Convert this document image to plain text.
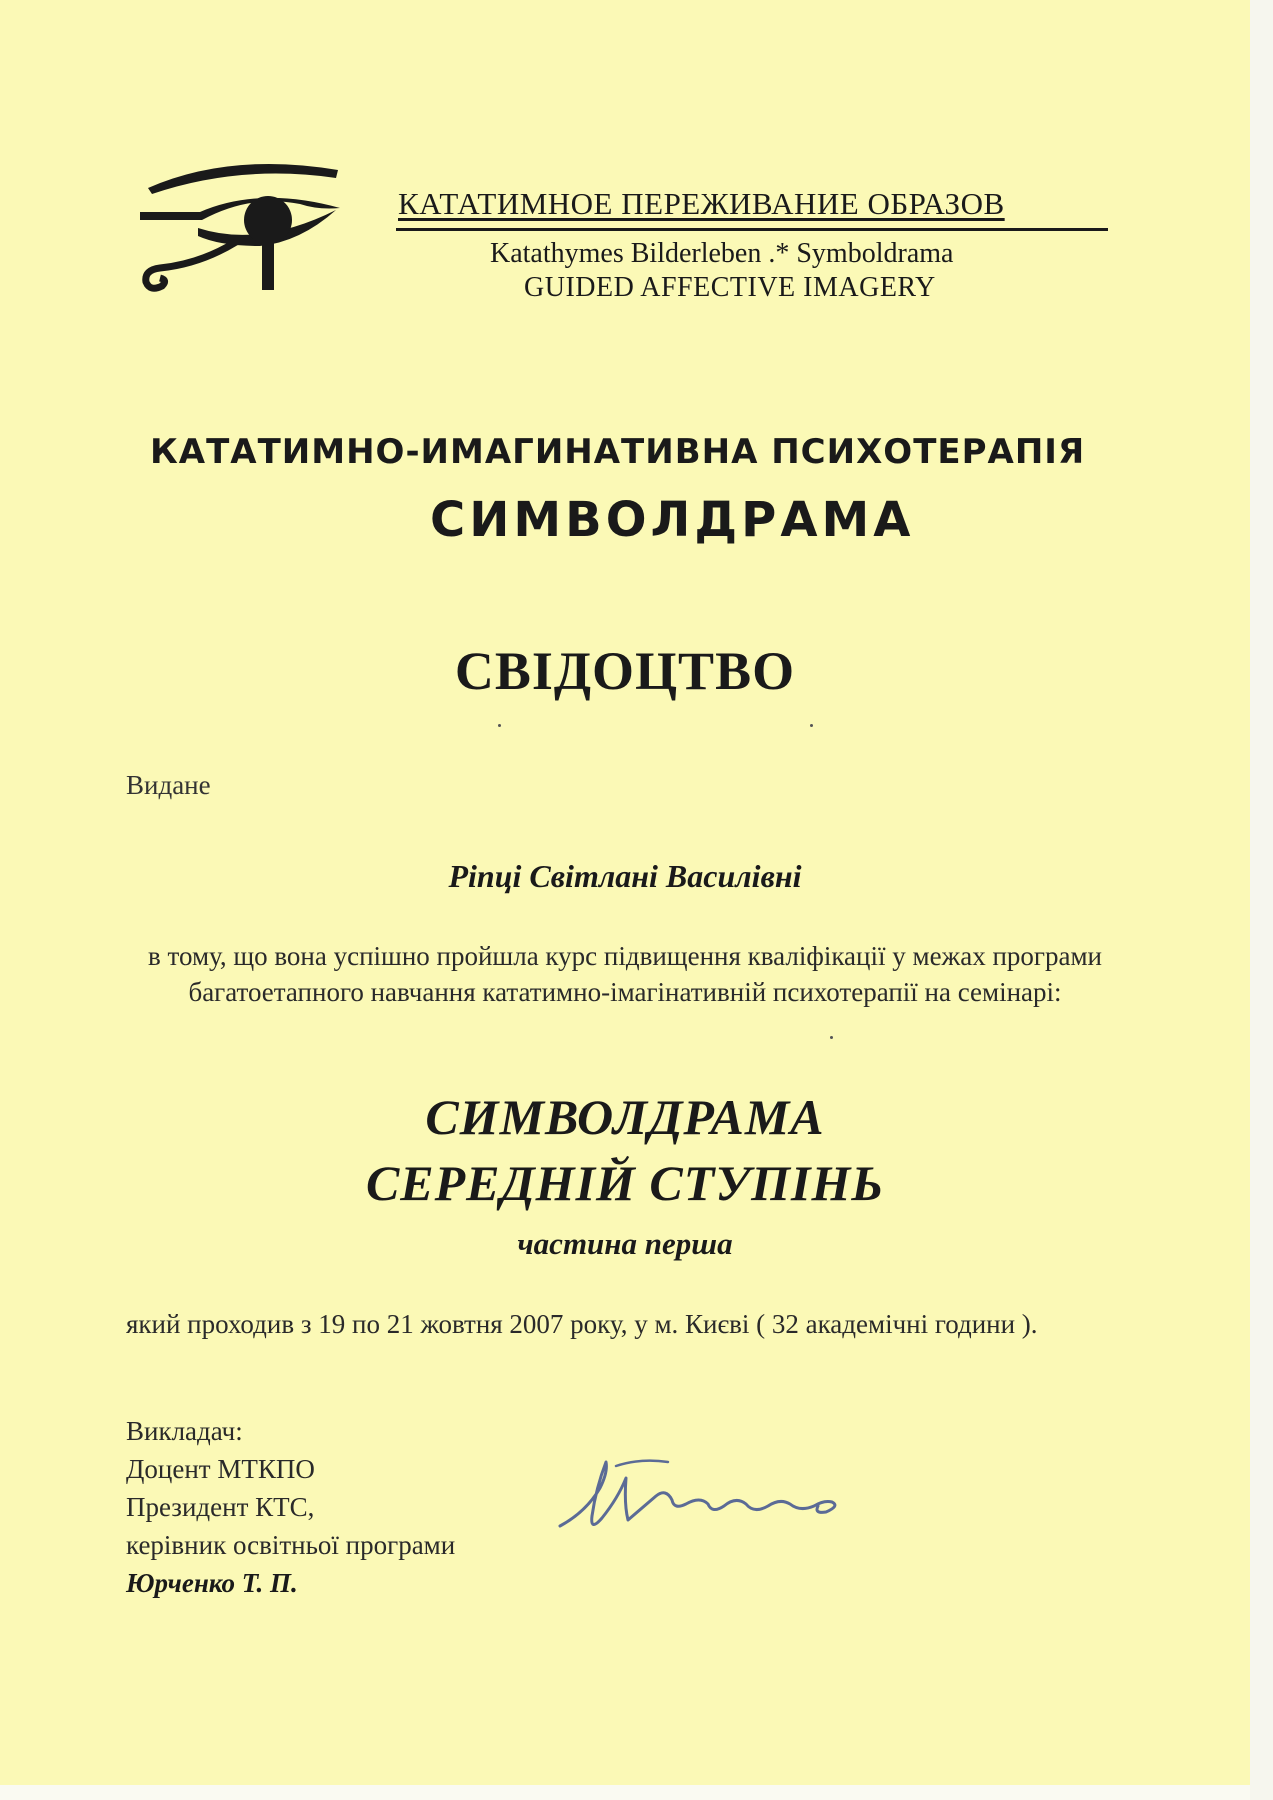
КАТАТИМНОЕ ПЕРЕЖИВАНИЕ ОБРАЗОВ
Katathymes Bilderleben .* Symboldrama
GUIDED AFFECTIVE IMAGERY
КАТАТИМНО-ИМАГИНАТИВНА ПСИХОТЕРАПІЯ
СИМВОЛДРАМА
СВІДОЦТВО
Видане
Ріпці Світлані Василівні
в тому, що вона успішно пройшла курс підвищення кваліфікації у межах програми багатоетапного навчання кататимно-імагінативній психотерапії на семінарі:
СИМВОЛДРАМА
СЕРЕДНІЙ СТУПІНЬ
частина перша
який проходив з 19 по 21 жовтня 2007 року, у м. Києві ( 32 академічні години ).
Викладач:
Доцент МТКПО
Президент КТС,
керівник освітньої програми
Юрченко Т. П.
